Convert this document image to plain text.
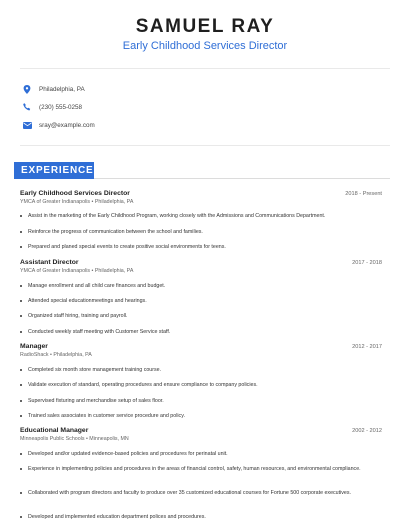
SAMUEL RAY
Early Childhood Services Director
Philadelphia, PA
(230) 555-0258
sray@example.com
EXPERIENCE
Early Childhood Services Director	2018 - Present
YMCA of Greater Indianapolis • Philadelphia, PA
Assist in the marketing of the Early Childhood Program, working closely with the Admissions and Communications Department.
Reinforce the progress of communication between the school and families.
Prepared and planed special events to create positive social environments for teens.
Assistant Director	2017 - 2018
YMCA of Greater Indianapolis • Philadelphia, PA
Manage enrollment and all child care finances and budget.
Attended special educationmeetings and hearings.
Organized staff hiring, training and payroll.
Conducted weekly staff meeting with Customer Service staff.
Manager	2012 - 2017
RadioShack • Philadelphia, PA
Completed six month store management training course.
Validate execution of standard, operating procedures and ensure compliance to company policies.
Supervised fixturing and merchandise setup of sales floor.
Trained sales associates in customer service procedure and policy.
Educational Manager	2002 - 2012
Minneapolis Public Schools • Minneapolis, MN
Developed and/or updated evidence-based policies and procedures for perinatal unit.
Experience in implementing policies and procedures in the areas of financial control, safety, human resources, and environmental compliance.
Collaborated with program directors and faculty to produce over 35 customized educational courses for Fortune 500 corporate executives.
Developed and implemented education department polices and procedures.
